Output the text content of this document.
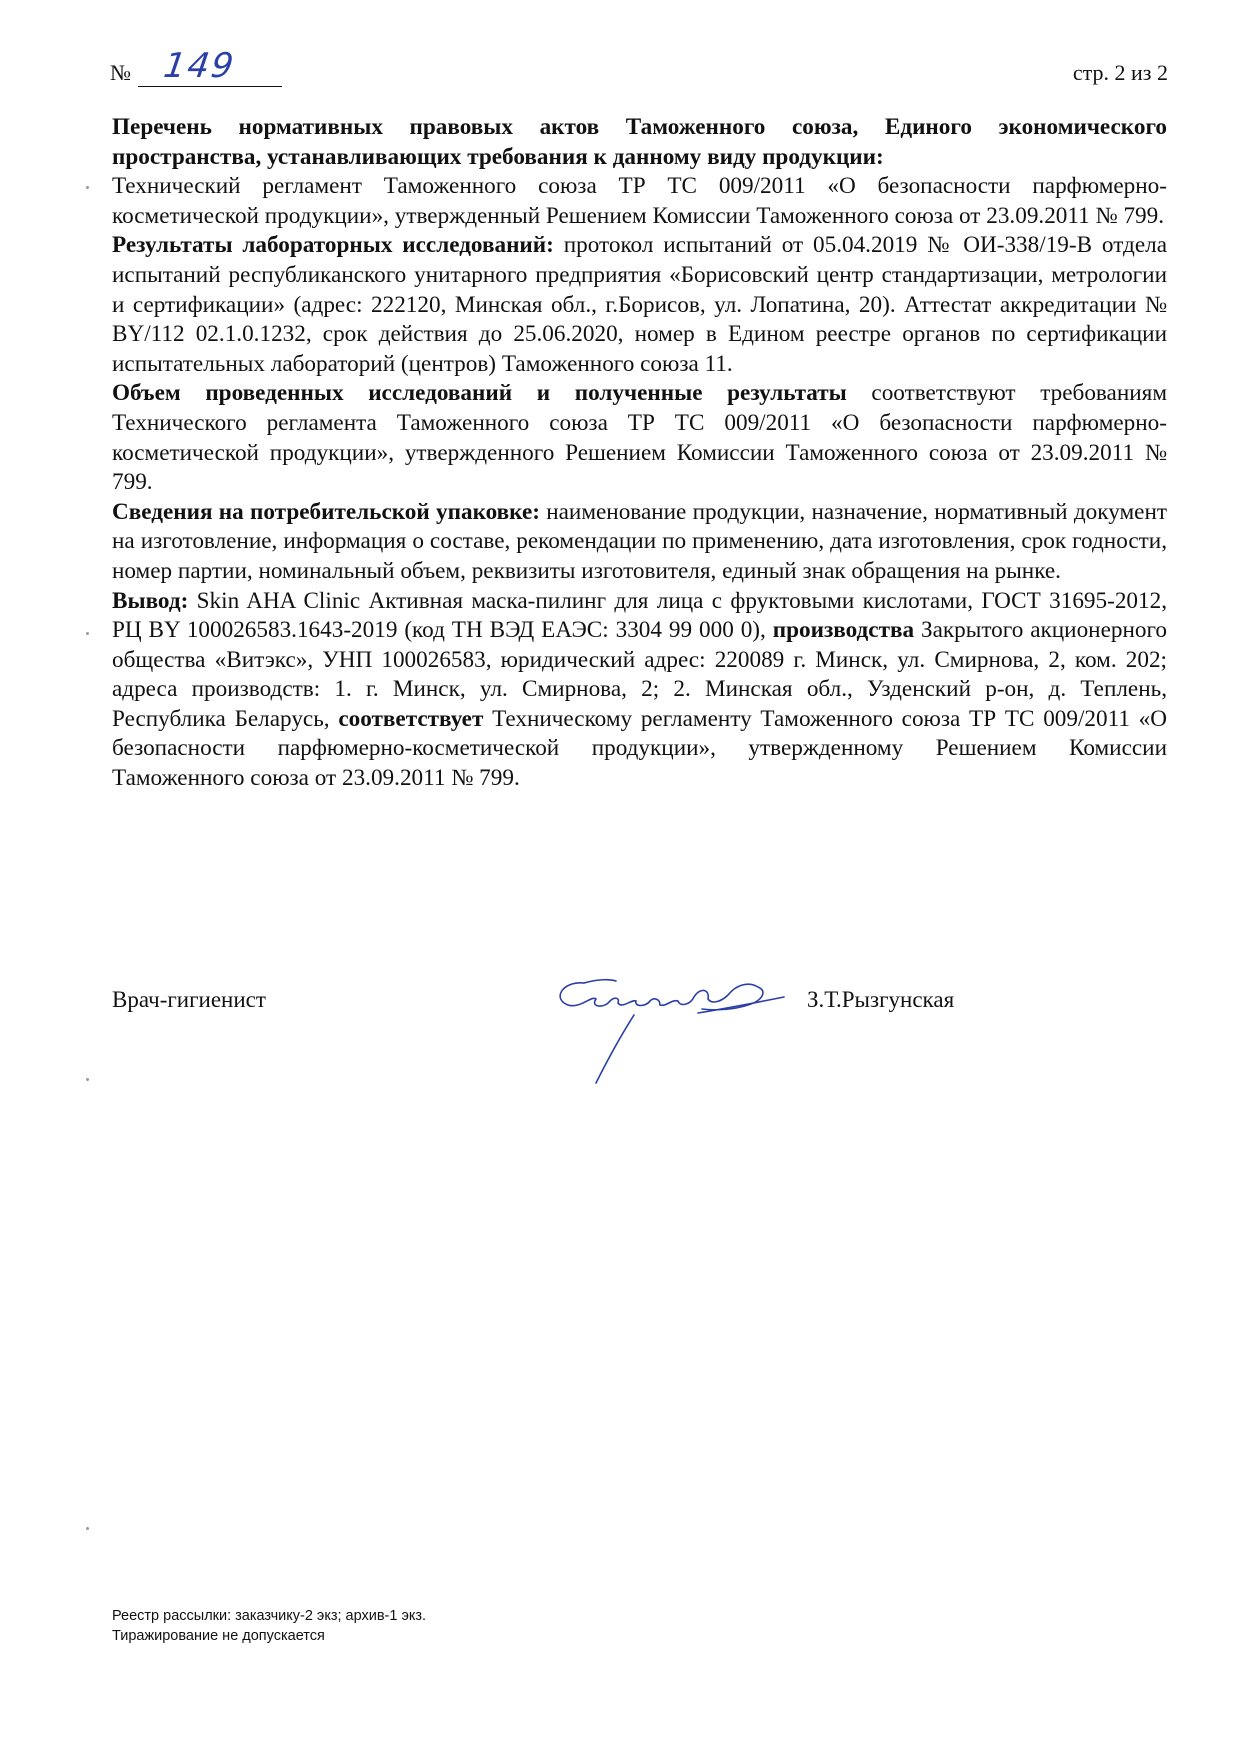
№ 149	стр. 2 из 2

Перечень нормативных правовых актов Таможенного союза, Единого экономического пространства, устанавливающих требования к данному виду продукции:
Технический регламент Таможенного союза ТР ТС 009/2011 «О безопасности парфюмерно-косметической продукции», утвержденный Решением Комиссии Таможенного союза от 23.09.2011 № 799.

Результаты лабораторных исследований: протокол испытаний от 05.04.2019 № ОИ-338/19-В отдела испытаний республиканского унитарного предприятия «Борисовский центр стандартизации, метрологии и сертификации» (адрес: 222120, Минская обл., г.Борисов, ул. Лопатина, 20). Аттестат аккредитации № BY/112 02.1.0.1232, срок действия до 25.06.2020, номер в Едином реестре органов по сертификации испытательных лабораторий (центров) Таможенного союза 11.

Объем проведенных исследований и полученные результаты соответствуют требованиям Технического регламента Таможенного союза ТР ТС 009/2011 «О безопасности парфюмерно-косметической продукции», утвержденного Решением Комиссии Таможенного союза от 23.09.2011 № 799.

Сведения на потребительской упаковке: наименование продукции, назначение, нормативный документ на изготовление, информация о составе, рекомендации по применению, дата изготовления, срок годности, номер партии, номинальный объем, реквизиты изготовителя, единый знак обращения на рынке.

Вывод: Skin AHA Clinic Активная маска-пилинг для лица с фруктовыми кислотами, ГОСТ 31695-2012, РЦ BY 100026583.1643-2019 (код ТН ВЭД ЕАЭС: 3304 99 000 0), производства Закрытого акционерного общества «Витэкс», УНП 100026583, юридический адрес: 220089 г. Минск, ул. Смирнова, 2, ком. 202; адреса производств: 1. г. Минск, ул. Смирнова, 2; 2. Минская обл., Узденский р-он, д. Теплень, Республика Беларусь, соответствует Техническому регламенту Таможенного союза ТР ТС 009/2011 «О безопасности парфюмерно-косметической продукции», утвержденному Решением Комиссии Таможенного союза от 23.09.2011 № 799.

Врач-гигиенист	З.Т.Рызгунская
Реестр рассылки: заказчику-2 экз; архив-1 экз.
Тиражирование не допускается
